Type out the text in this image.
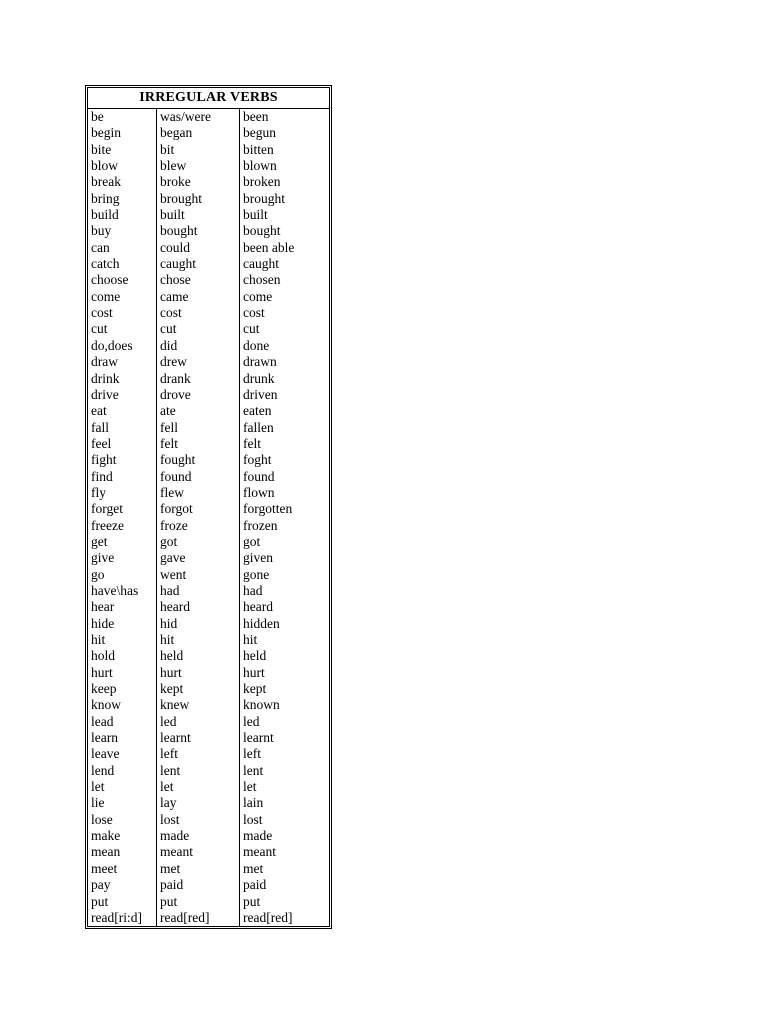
IRREGULAR VERBS
be
begin
bite
blow
break
bring
build
buy
can
catch
choose
come
cost
cut
do,does
draw
drink
drive
eat
fall
feel
fight
find
fly
forget
freeze
get
give
go
have\has
hear
hide
hit
hold
hurt
keep
know
lead
learn
leave
lend
let
lie
lose
make
mean
meet
pay
put
read[ri:d]
was/were
began
bit
blew
broke
brought
built
bought
could
caught
chose
came
cost
cut
did
drew
drank
drove
ate
fell
felt
fought
found
flew
forgot
froze
got
gave
went
had
heard
hid
hit
held
hurt
kept
knew
led
learnt
left
lent
let
lay
lost
made
meant
met
paid
put
read[red]
been
begun
bitten
blown
broken
brought
built
bought
been able
caught
chosen
come
cost
cut
done
drawn
drunk
driven
eaten
fallen
felt
foght
found
flown
forgotten
frozen
got
given
gone
had
heard
hidden
hit
held
hurt
kept
known
led
learnt
left
lent
let
lain
lost
made
meant
met
paid
put
read[red]
